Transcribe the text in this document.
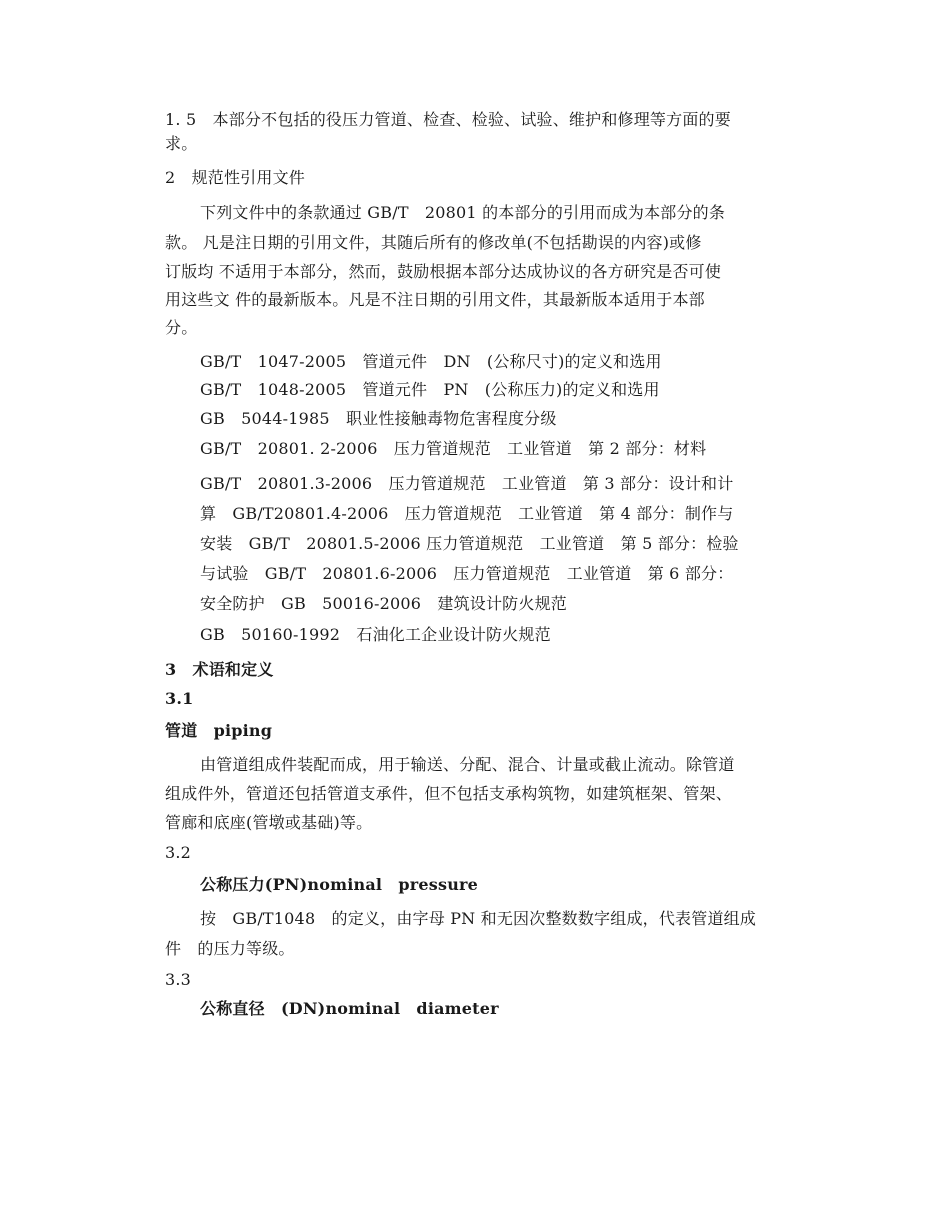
1. 5　本部分不包括的役压力管道、检查、检验、试验、维护和修理等方面的要
求。
2　规范性引用文件
下列文件中的条款通过 GB/T　20801 的本部分的引用而成为本部分的条
款。 凡是注日期的引用文件，其随后所有的修改单(不包括勘误的内容)或修
订版均 不适用于本部分，然而，鼓励根据本部分达成协议的各方研究是否可使
用这些文 件的最新版本。凡是不注日期的引用文件，其最新版本适用于本部
分。
GB/T　1047-2005　管道元件　DN　(公称尺寸)的定义和选用
GB/T　1048-2005　管道元件　PN　(公称压力)的定义和选用
GB　5044-1985　职业性接触毒物危害程度分级
GB/T　20801. 2-2006　压力管道规范　工业管道　第 2 部分：材料
GB/T　20801.3-2006　压力管道规范　工业管道　第 3 部分：设计和计
算　GB/T20801.4-2006　压力管道规范　工业管道　第 4 部分：制作与
安装　GB/T　20801.5-2006 压力管道规范　工业管道　第 5 部分：检验
与试验　GB/T　20801.6-2006　压力管道规范　工业管道　第 6 部分：
安全防护　GB　50016-2006　建筑设计防火规范
GB　50160-1992　石油化工企业设计防火规范
3　术语和定义
3.1
管道　piping
由管道组成件装配而成，用于输送、分配、混合、计量或截止流动。除管道
组成件外，管道还包括管道支承件，但不包括支承构筑物，如建筑框架、管架、
管廊和底座(管墩或基础)等。
3.2
公称压力(PN)nominal　pressure
按　GB/T1048　的定义，由字母 PN 和无因次整数数字组成，代表管道组成
件　的压力等级。
3.3
公称直径　(DN)nominal　diameter
